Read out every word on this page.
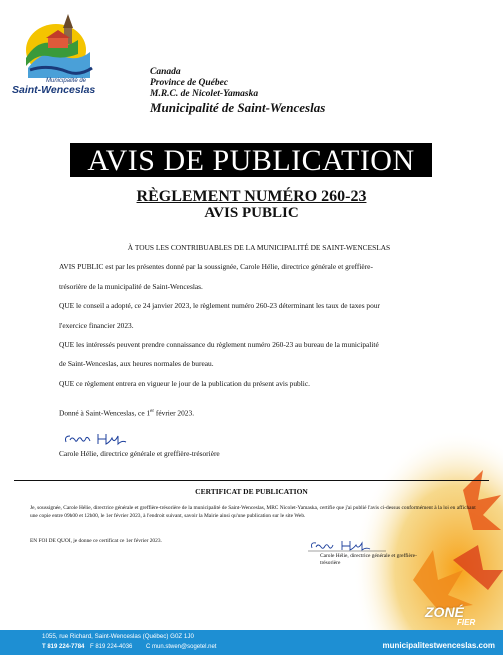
Municipalité de
Saint-Wenceslas
Canada
Province de Québec
M.R.C. de Nicolet-Yamaska
Municipalité de Saint-Wenceslas
AVIS DE PUBLICATION
RÈGLEMENT NUMÉRO 260-23
AVIS PUBLIC

À TOUS LES CONTRIBUABLES DE LA MUNICIPALITÉ DE SAINT-WENCESLAS

AVIS PUBLIC est par les présentes donné par la soussignée, Carole Hélie, directrice générale et greffière-

trésorière de la municipalité de Saint-Wenceslas.

QUE le conseil a adopté, ce 24 janvier 2023, le règlement numéro 260-23 déterminant les taux de taxes pour

l'exercice financier 2023.

QUE les intéressés peuvent prendre connaissance du règlement numéro 260-23 au bureau de la municipalité

de Saint-Wenceslas, aux heures normales de bureau.

QUE ce règlement entrera en vigueur le jour de la publication du présent avis public.

Donné à Saint-Wenceslas, ce 1er février 2023.

Carole Hélie, directrice générale et greffière-trésorière
CERTIFICAT DE PUBLICATION
Je, soussignée, Carole Hélie, directrice générale et greffière-trésorière de la municipalité de Saint-Wenceslas, MRC Nicolet-Yamaska, certifie que j'ai publié l'avis ci-dessus conformément à la loi en affichant une copie entre 09h00 et 12h00, le 1er février 2023, à l'endroit suivant, savoir la Mairie ainsi qu'une publication sur le site Web.
EN FOI DE QUOI, je donne ce certificat ce 1er février 2023.
Carole Hélie, directrice générale et greffière-trésorière
ZONÉ
FIER
1055, rue Richard, Saint-Wenceslas (Québec) G0Z 1J0
T 819 224-7784 F 819 224-4036 C mun.stwen@sogetel.net	municipalitestwenceslas.com
